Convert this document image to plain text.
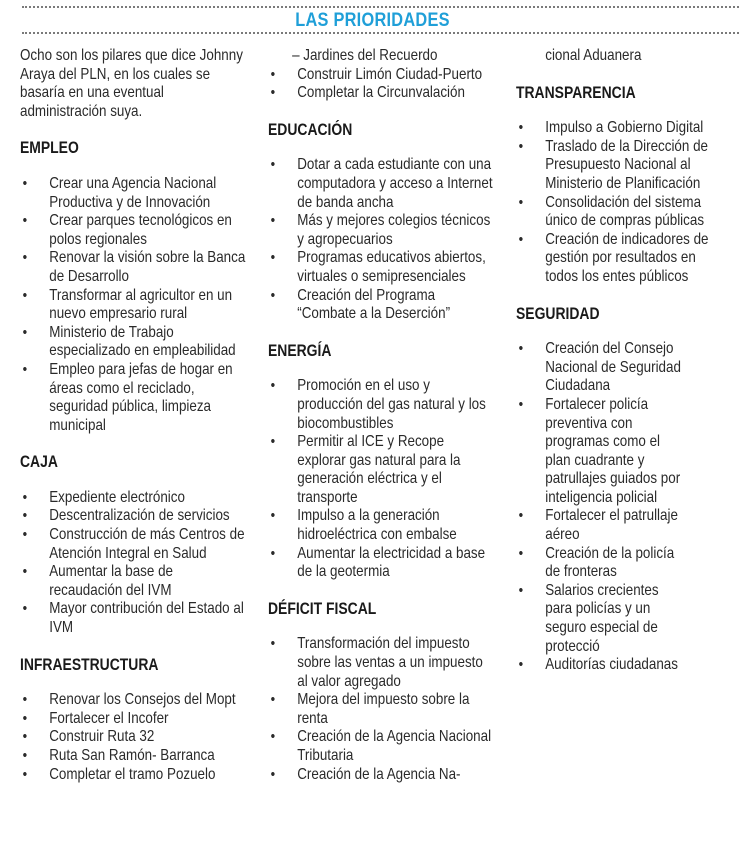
LAS PRIORIDADES

Ocho son los pilares que dice Johnny Araya del PLN, en los cuales se basaría en una eventual administración suya.

EMPLEO
• Crear una Agencia Nacional Productiva y de Innovación
• Crear parques tecnológicos en polos regionales
• Renovar la visión sobre la Banca de Desarrollo
• Transformar al agricultor en un nuevo empresario rural
• Ministerio de Trabajo especializado en empleabilidad
• Empleo para jefas de hogar en áreas como el reciclado, seguridad pública, limpieza municipal
CAJA
• Expediente electrónico
• Descentralización de servicios
• Construcción de más Centros de Atención Integral en Salud
• Aumentar la base de recaudación del IVM
• Mayor contribución del Estado al IVM
INFRAESTRUCTURA
• Renovar los Consejos del Mopt
• Fortalecer el Incofer
• Construir Ruta 32
• Ruta San Ramón- Barranca
• Completar el tramo Pozuelo

– Jardines del Recuerdo

• Construir Limón Ciudad-Puerto
• Completar la Circunvalación
EDUCACIÓN
• Dotar a cada estudiante con una computadora y acceso a Internet de banda ancha
• Más y mejores colegios técnicos y agropecuarios
• Programas educativos abiertos, virtuales o semipresenciales
• Creación del Programa “Combate a la Deserción”
ENERGÍA
• Promoción en el uso y producción del gas natural y los biocombustibles
• Permitir al ICE y Recope explorar gas natural para la generación eléctrica y el transporte
• Impulso a la generación hidroeléctrica con embalse
• Aumentar la electricidad a base de la geotermia
DÉFICIT FISCAL
• Transformación del impuesto sobre las ventas a un impuesto al valor agregado
• Mejora del impuesto sobre la renta
• Creación de la Agencia Nacional Tributaria
• Creación de la Agencia Na-

cional Aduanera

TRANSPARENCIA
• Impulso a Gobierno Digital
• Traslado de la Dirección de Presupuesto Nacional al Ministerio de Planificación
• Consolidación del sistema único de compras públicas
• Creación de indicadores de gestión por resultados en todos los entes públicos
SEGURIDAD
• Creación del Consejo Nacional de Seguridad Ciudadana
• Fortalecer policía preventiva con programas como el plan cuadrante y patrullajes guiados por inteligencia policial
• Fortalecer el patrullaje aéreo
• Creación de la policía de fronteras
• Salarios crecientes para policías y un seguro especial de protecció
• Auditorías ciudadanas
